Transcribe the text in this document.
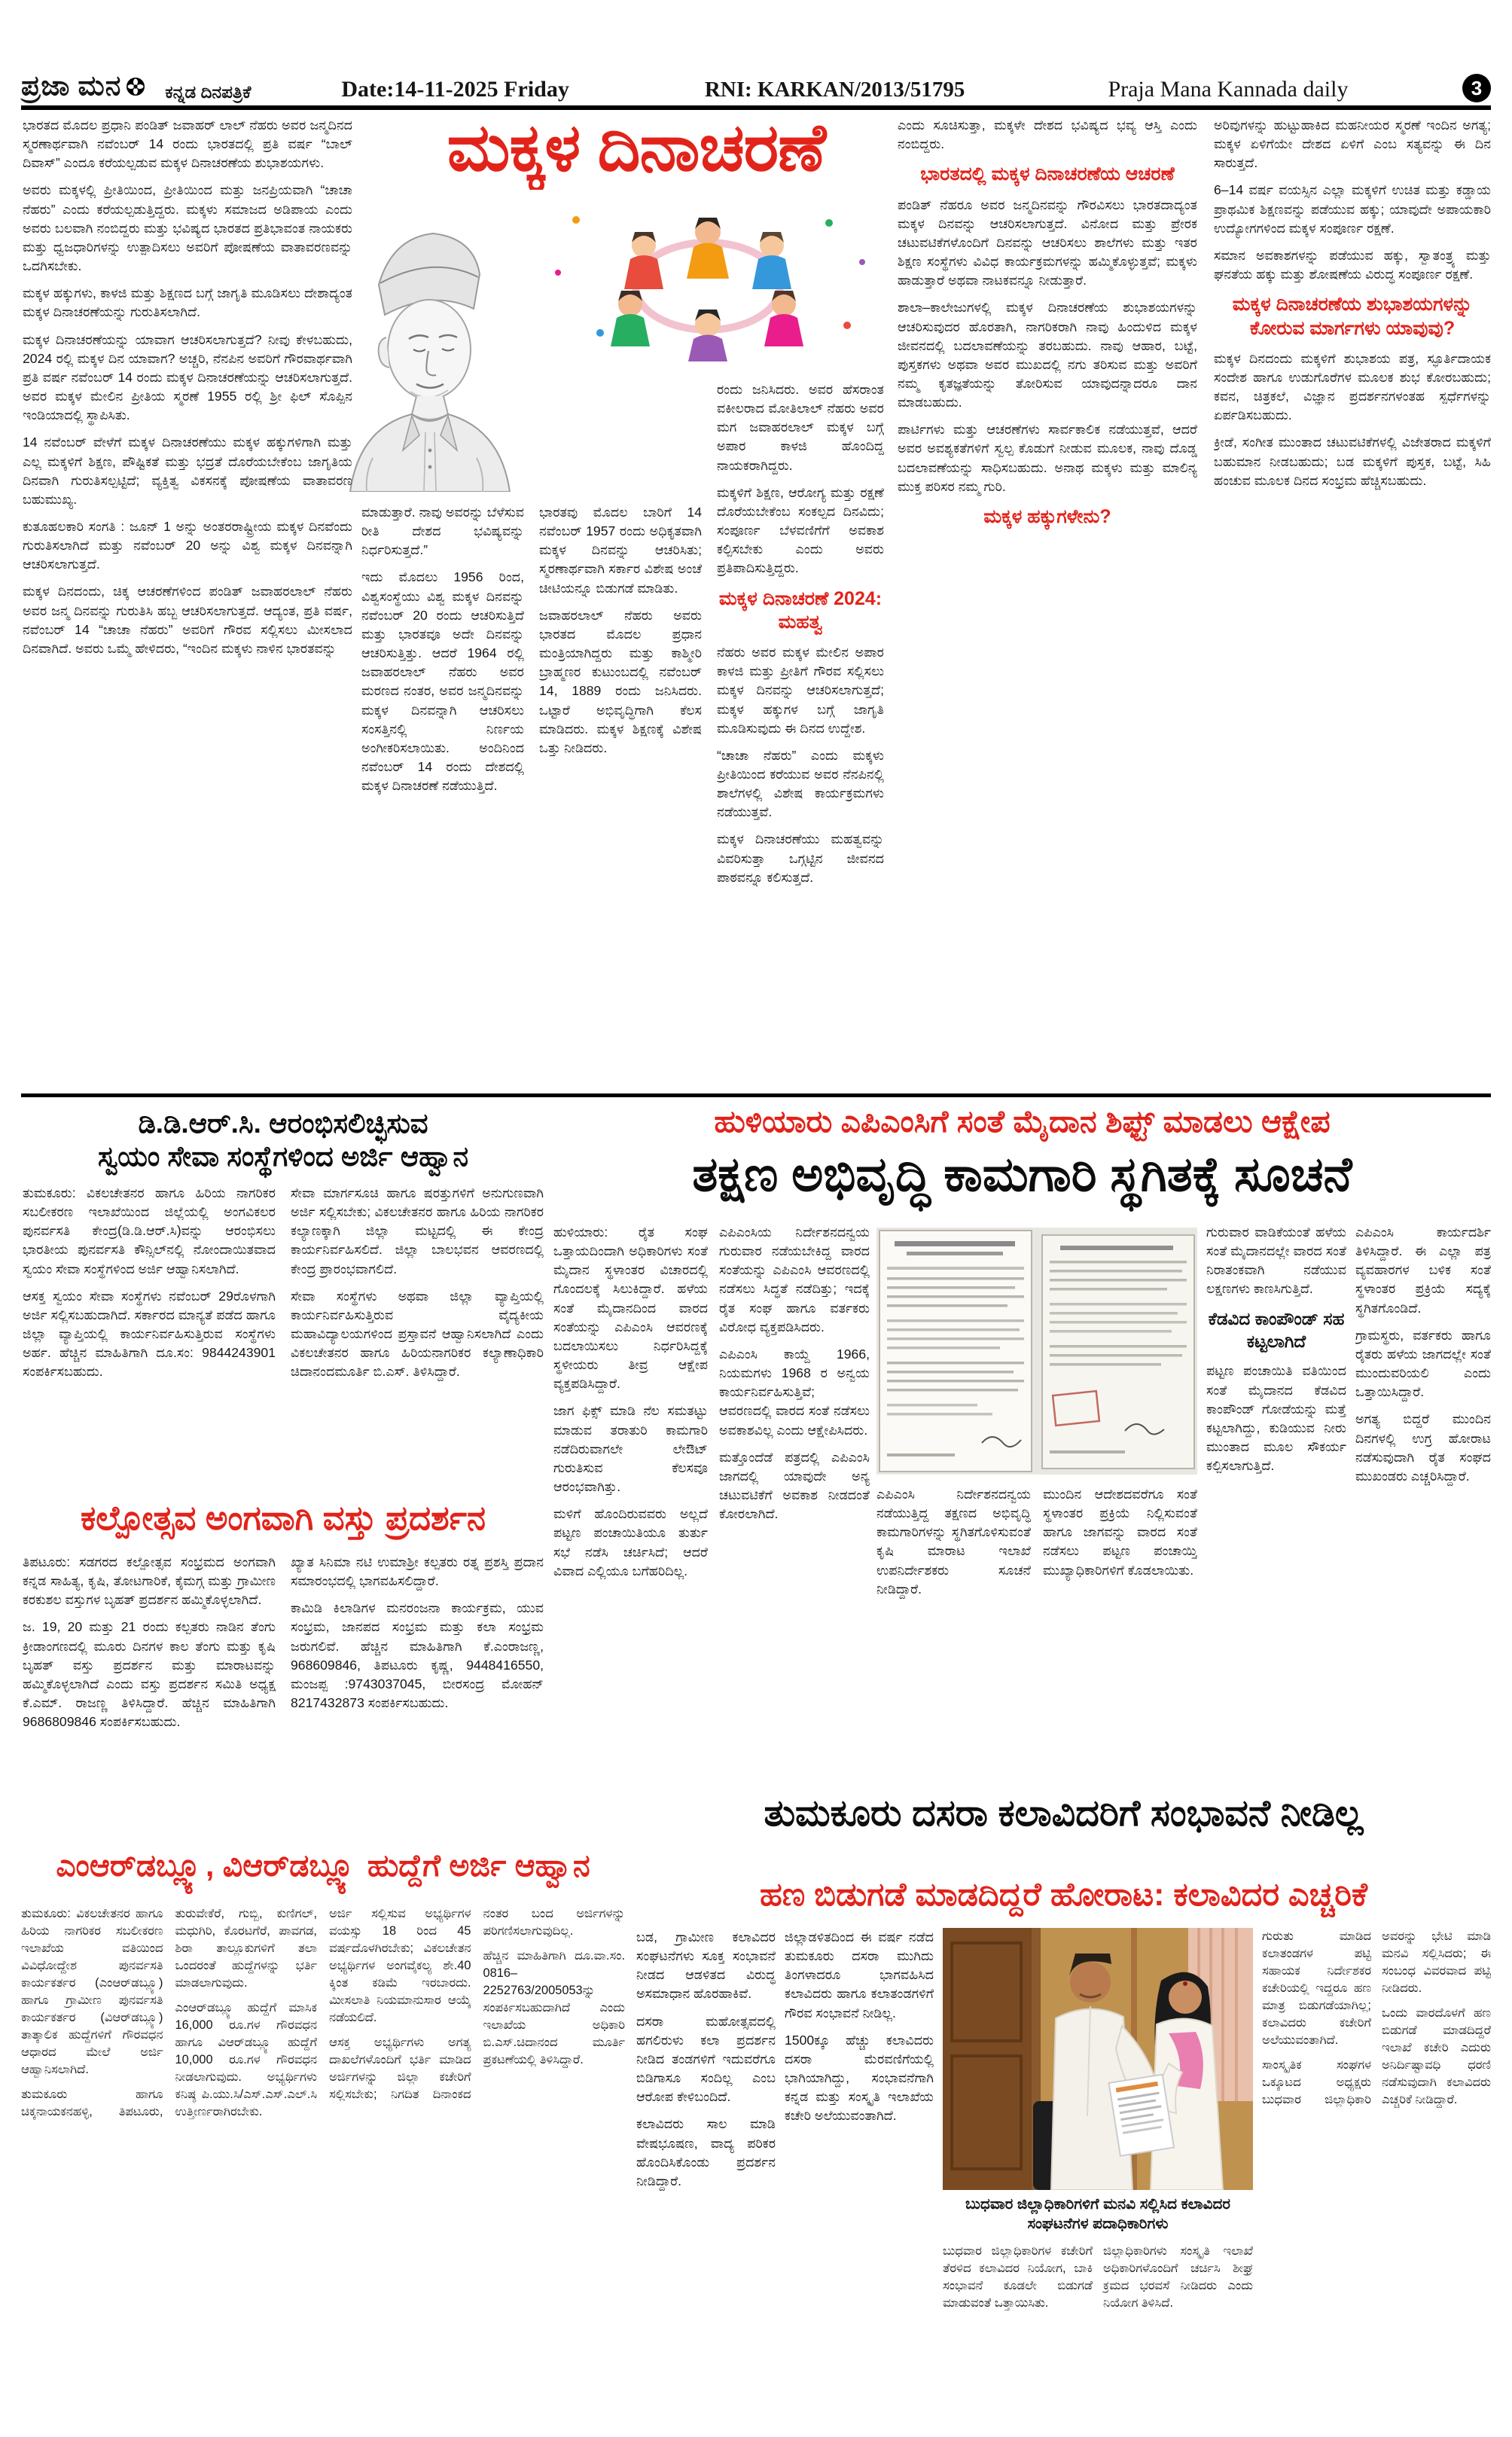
ಪ್ರಜಾ ಮನ	ಕನ್ನಡ ದಿನಪತ್ರಿಕೆ	Date:14-11-2025 Friday	RNI: KARKAN/2013/51795	Praja Mana Kannada daily	3
ಮಕ್ಕಳ ದಿನಾಚರಣೆ

ಭಾರತದ ಮೊದಲ ಪ್ರಧಾನಿ ಪಂಡಿತ್ ಜವಾಹರ್ ಲಾಲ್ ನೆಹರು ಅವರ ಜನ್ಮದಿನದ ಸ್ಮರಣಾರ್ಥವಾಗಿ ನವೆಂಬರ್ 14 ರಂದು ಭಾರತದಲ್ಲಿ ಪ್ರತಿ ವರ್ಷ “ಬಾಲ್ ದಿವಾಸ್” ಎಂದೂ ಕರೆಯಲ್ಪಡುವ ಮಕ್ಕಳ ದಿನಾಚರಣೆಯ ಶುಭಾಶಯಗಳು.

ಅವರು ಮಕ್ಕಳಲ್ಲಿ ಪ್ರೀತಿಯಿಂದ, ಪ್ರೀತಿಯಿಂದ ಮತ್ತು ಜನಪ್ರಿಯವಾಗಿ “ಚಾಚಾ ನೆಹರು” ಎಂದು ಕರೆಯಲ್ಪಡುತ್ತಿದ್ದರು. ಮಕ್ಕಳು ಸಮಾಜದ ಅಡಿಪಾಯ ಎಂದು ಅವರು ಬಲವಾಗಿ ನಂಬಿದ್ದರು ಮತ್ತು ಭವಿಷ್ಯದ ಭಾರತದ ಪ್ರತಿಭಾವಂತ ನಾಯಕರು ಮತ್ತು ಧ್ವಜಧಾರಿಗಳನ್ನು ಉತ್ಪಾದಿಸಲು ಅವರಿಗೆ ಪೋಷಣೆಯ ವಾತಾವರಣವನ್ನು ಒದಗಿಸಬೇಕು.

ಮಕ್ಕಳ ಹಕ್ಕುಗಳು, ಕಾಳಜಿ ಮತ್ತು ಶಿಕ್ಷಣದ ಬಗ್ಗೆ ಜಾಗೃತಿ ಮೂಡಿಸಲು ದೇಶಾದ್ಯಂತ ಮಕ್ಕಳ ದಿನಾಚರಣೆಯನ್ನು ಗುರುತಿಸಲಾಗಿದೆ.

ಮಕ್ಕಳ ದಿನಾಚರಣೆಯನ್ನು ಯಾವಾಗ ಆಚರಿಸಲಾಗುತ್ತದೆ? ನೀವು ಕೇಳಬಹುದು, 2024 ರಲ್ಲಿ ಮಕ್ಕಳ ದಿನ ಯಾವಾಗ? ಅಚ್ಚರಿ, ನೆನಪಿನ ಅವರಿಗೆ ಗೌರವಾರ್ಥವಾಗಿ ಪ್ರತಿ ವರ್ಷ ನವೆಂಬರ್ 14 ರಂದು ಮಕ್ಕಳ ದಿನಾಚರಣೆಯನ್ನು ಆಚರಿಸಲಾಗುತ್ತದೆ. ಅವರ ಮಕ್ಕಳ ಮೇಲಿನ ಪ್ರೀತಿಯ ಸ್ಮರಣೆ 1955 ರಲ್ಲಿ ಶ್ರೀ ಫಿಲ್ ಸೊಪ್ಪಿನ ಇಂಡಿಯಾದಲ್ಲಿ ಸ್ಥಾಪಿಸಿತು.

14 ನವೆಂಬರ್ ವೇಳೆಗೆ ಮಕ್ಕಳ ದಿನಾಚರಣೆಯು ಮಕ್ಕಳ ಹಕ್ಕುಗಳಿಗಾಗಿ ಮತ್ತು ಎಲ್ಲ ಮಕ್ಕಳಿಗೆ ಶಿಕ್ಷಣ, ಪೌಷ್ಟಿಕತೆ ಮತ್ತು ಭದ್ರತೆ ದೊರೆಯಬೇಕೆಂಬ ಜಾಗೃತಿಯ ದಿನವಾಗಿ ಗುರುತಿಸಲ್ಪಟ್ಟಿದೆ; ವ್ಯಕ್ತಿತ್ವ ವಿಕಸನಕ್ಕೆ ಪೋಷಣೆಯ ವಾತಾವರಣ ಬಹುಮುಖ್ಯ.

ಕುತೂಹಲಕಾರಿ ಸಂಗತಿ : ಜೂನ್ 1 ಅನ್ನು ಅಂತರರಾಷ್ಟ್ರೀಯ ಮಕ್ಕಳ ದಿನವೆಂದು ಗುರುತಿಸಲಾಗಿದೆ ಮತ್ತು ನವೆಂಬರ್ 20 ಅನ್ನು ವಿಶ್ವ ಮಕ್ಕಳ ದಿನವನ್ನಾಗಿ ಆಚರಿಸಲಾಗುತ್ತದೆ.

ಮಕ್ಕಳ ದಿನದಂದು, ಚಿಕ್ಕ ಆಚರಣೆಗಳಿಂದ ಪಂಡಿತ್ ಜವಾಹರಲಾಲ್ ನೆಹರು ಅವರ ಜನ್ಮ ದಿನವನ್ನು ಗುರುತಿಸಿ ಹಬ್ಬ ಆಚರಿಸಲಾಗುತ್ತದೆ. ಆದ್ಯಂತ, ಪ್ರತಿ ವರ್ಷ, ನವೆಂಬರ್ 14 “ಚಾಚಾ ನೆಹರು” ಅವರಿಗೆ ಗೌರವ ಸಲ್ಲಿಸಲು ಮೀಸಲಾದ ದಿನವಾಗಿದೆ. ಅವರು ಒಮ್ಮೆ ಹೇಳಿದರು, “ಇಂದಿನ ಮಕ್ಕಳು ನಾಳಿನ ಭಾರತವನ್ನು

ಮಾಡುತ್ತಾರೆ. ನಾವು ಅವರನ್ನು ಬೆಳೆಸುವ ರೀತಿ ದೇಶದ ಭವಿಷ್ಯವನ್ನು ನಿರ್ಧರಿಸುತ್ತದೆ.”

ಇದು ಮೊದಲು 1956 ರಿಂದ, ವಿಶ್ವಸಂಸ್ಥೆಯು ವಿಶ್ವ ಮಕ್ಕಳ ದಿನವನ್ನು ನವೆಂಬರ್ 20 ರಂದು ಆಚರಿಸುತ್ತಿದೆ ಮತ್ತು ಭಾರತವೂ ಅದೇ ದಿನವನ್ನು ಆಚರಿಸುತ್ತಿತ್ತು. ಆದರೆ 1964 ರಲ್ಲಿ ಜವಾಹರಲಾಲ್ ನೆಹರು ಅವರ ಮರಣದ ನಂತರ, ಅವರ ಜನ್ಮದಿನವನ್ನು ಮಕ್ಕಳ ದಿನವನ್ನಾಗಿ ಆಚರಿಸಲು ಸಂಸತ್ತಿನಲ್ಲಿ ನಿರ್ಣಯ ಅಂಗೀಕರಿಸಲಾಯಿತು. ಅಂದಿನಿಂದ ನವೆಂಬರ್ 14 ರಂದು ದೇಶದಲ್ಲಿ ಮಕ್ಕಳ ದಿನಾಚರಣೆ ನಡೆಯುತ್ತಿದೆ.

ಭಾರತವು ಮೊದಲ ಬಾರಿಗೆ 14 ನವೆಂಬರ್ 1957 ರಂದು ಅಧಿಕೃತವಾಗಿ ಮಕ್ಕಳ ದಿನವನ್ನು ಆಚರಿಸಿತು; ಸ್ಮರಣಾರ್ಥವಾಗಿ ಸರ್ಕಾರ ವಿಶೇಷ ಅಂಚೆ ಚೀಟಿಯನ್ನೂ ಬಿಡುಗಡೆ ಮಾಡಿತು.

ಜವಾಹರಲಾಲ್ ನೆಹರು ಅವರು ಭಾರತದ ಮೊದಲ ಪ್ರಧಾನ ಮಂತ್ರಿಯಾಗಿದ್ದರು ಮತ್ತು ಕಾಶ್ಮೀರಿ ಬ್ರಾಹ್ಮಣರ ಕುಟುಂಬದಲ್ಲಿ ನವೆಂಬರ್ 14, 1889 ರಂದು ಜನಿಸಿದರು. ಒಟ್ಟಾರೆ ಅಭಿವೃದ್ಧಿಗಾಗಿ ಕೆಲಸ ಮಾಡಿದರು. ಮಕ್ಕಳ ಶಿಕ್ಷಣಕ್ಕೆ ವಿಶೇಷ ಒತ್ತು ನೀಡಿದರು.

ರಂದು ಜನಿಸಿದರು. ಅವರ ಹೆಸರಾಂತ ವಕೀಲರಾದ ಮೋತಿಲಾಲ್ ನೆಹರು ಅವರ ಮಗ ಜವಾಹರಲಾಲ್ ಮಕ್ಕಳ ಬಗ್ಗೆ ಅಪಾರ ಕಾಳಜಿ ಹೊಂದಿದ್ದ ನಾಯಕರಾಗಿದ್ದರು.

ಮಕ್ಕಳಿಗೆ ಶಿಕ್ಷಣ, ಆರೋಗ್ಯ ಮತ್ತು ರಕ್ಷಣೆ ದೊರೆಯಬೇಕೆಂಬ ಸಂಕಲ್ಪದ ದಿನವಿದು; ಸಂಪೂರ್ಣ ಬೆಳವಣಿಗೆಗೆ ಅವಕಾಶ ಕಲ್ಪಿಸಬೇಕು ಎಂದು ಅವರು ಪ್ರತಿಪಾದಿಸುತ್ತಿದ್ದರು.

ಮಕ್ಕಳ ದಿನಾಚರಣೆ 2024: ಮಹತ್ವ

ನೆಹರು ಅವರ ಮಕ್ಕಳ ಮೇಲಿನ ಅಪಾರ ಕಾಳಜಿ ಮತ್ತು ಪ್ರೀತಿಗೆ ಗೌರವ ಸಲ್ಲಿಸಲು ಮಕ್ಕಳ ದಿನವನ್ನು ಆಚರಿಸಲಾಗುತ್ತದೆ; ಮಕ್ಕಳ ಹಕ್ಕುಗಳ ಬಗ್ಗೆ ಜಾಗೃತಿ ಮೂಡಿಸುವುದು ಈ ದಿನದ ಉದ್ದೇಶ.

“ಚಾಚಾ ನೆಹರು” ಎಂದು ಮಕ್ಕಳು ಪ್ರೀತಿಯಿಂದ ಕರೆಯುವ ಅವರ ನೆನಪಿನಲ್ಲಿ ಶಾಲೆಗಳಲ್ಲಿ ವಿಶೇಷ ಕಾರ್ಯಕ್ರಮಗಳು ನಡೆಯುತ್ತವೆ.

ಮಕ್ಕಳ ದಿನಾಚರಣೆಯು ಮಹತ್ವವನ್ನು ವಿವರಿಸುತ್ತಾ ಒಗ್ಗಟ್ಟಿನ ಜೀವನದ ಪಾಠವನ್ನೂ ಕಲಿಸುತ್ತದೆ.

ಎಂದು ಸೂಚಿಸುತ್ತಾ, ಮಕ್ಕಳೇ ದೇಶದ ಭವಿಷ್ಯದ ಭವ್ಯ ಆಸ್ತಿ ಎಂದು ನಂಬಿದ್ದರು.

ಭಾರತದಲ್ಲಿ ಮಕ್ಕಳ ದಿನಾಚರಣೆಯ ಆಚರಣೆ

ಪಂಡಿತ್ ನೆಹರೂ ಅವರ ಜನ್ಮದಿನವನ್ನು ಗೌರವಿಸಲು ಭಾರತದಾದ್ಯಂತ ಮಕ್ಕಳ ದಿನವನ್ನು ಆಚರಿಸಲಾಗುತ್ತದೆ. ವಿನೋದ ಮತ್ತು ಪ್ರೇರಕ ಚಟುವಟಿಕೆಗಳೊಂದಿಗೆ ದಿನವನ್ನು ಆಚರಿಸಲು ಶಾಲೆಗಳು ಮತ್ತು ಇತರ ಶಿಕ್ಷಣ ಸಂಸ್ಥೆಗಳು ವಿವಿಧ ಕಾರ್ಯಕ್ರಮಗಳನ್ನು ಹಮ್ಮಿಕೊಳ್ಳುತ್ತವೆ; ಮಕ್ಕಳು ಹಾಡುತ್ತಾರೆ ಅಥವಾ ನಾಟಕವನ್ನೂ ನೀಡುತ್ತಾರೆ.

ಶಾಲಾ–ಕಾಲೇಜುಗಳಲ್ಲಿ ಮಕ್ಕಳ ದಿನಾಚರಣೆಯ ಶುಭಾಶಯಗಳನ್ನು ಆಚರಿಸುವುದರ ಹೊರತಾಗಿ, ನಾಗರಿಕರಾಗಿ ನಾವು ಹಿಂದುಳಿದ ಮಕ್ಕಳ ಜೀವನದಲ್ಲಿ ಬದಲಾವಣೆಯನ್ನು ತರಬಹುದು. ನಾವು ಆಹಾರ, ಬಟ್ಟೆ, ಪುಸ್ತಕಗಳು ಅಥವಾ ಅವರ ಮುಖದಲ್ಲಿ ನಗು ತರಿಸುವ ಮತ್ತು ಅವರಿಗೆ ನಮ್ಮ ಕೃತಜ್ಞತೆಯನ್ನು ತೋರಿಸುವ ಯಾವುದನ್ನಾದರೂ ದಾನ ಮಾಡಬಹುದು.

ಪಾರ್ಟಿಗಳು ಮತ್ತು ಆಚರಣೆಗಳು ಸಾರ್ವಕಾಲಿಕ ನಡೆಯುತ್ತವೆ, ಆದರೆ ಅವರ ಅವಶ್ಯಕತೆಗಳಿಗೆ ಸ್ವಲ್ಪ ಕೊಡುಗೆ ನೀಡುವ ಮೂಲಕ, ನಾವು ದೊಡ್ಡ ಬದಲಾವಣೆಯನ್ನು ಸಾಧಿಸಬಹುದು. ಅನಾಥ ಮಕ್ಕಳು ಮತ್ತು ಮಾಲಿನ್ಯ ಮುಕ್ತ ಪರಿಸರ ನಮ್ಮ ಗುರಿ.

ಮಕ್ಕಳ ಹಕ್ಕುಗಳೇನು?

ಅರಿವುಗಳನ್ನು ಹುಟ್ಟುಹಾಕಿದ ಮಹನೀಯರ ಸ್ಮರಣೆ ಇಂದಿನ ಅಗತ್ಯ; ಮಕ್ಕಳ ಏಳಿಗೆಯೇ ದೇಶದ ಏಳಿಗೆ ಎಂಬ ಸತ್ಯವನ್ನು ಈ ದಿನ ಸಾರುತ್ತದೆ.

6–14 ವರ್ಷ ವಯಸ್ಸಿನ ಎಲ್ಲಾ ಮಕ್ಕಳಿಗೆ ಉಚಿತ ಮತ್ತು ಕಡ್ಡಾಯ ಪ್ರಾಥಮಿಕ ಶಿಕ್ಷಣವನ್ನು ಪಡೆಯುವ ಹಕ್ಕು; ಯಾವುದೇ ಅಪಾಯಕಾರಿ ಉದ್ಯೋಗಗಳಿಂದ ಮಕ್ಕಳ ಸಂಪೂರ್ಣ ರಕ್ಷಣೆ.

ಸಮಾನ ಅವಕಾಶಗಳನ್ನು ಪಡೆಯುವ ಹಕ್ಕು, ಸ್ವಾತಂತ್ರ್ಯ ಮತ್ತು ಘನತೆಯ ಹಕ್ಕು ಮತ್ತು ಶೋಷಣೆಯ ವಿರುದ್ಧ ಸಂಪೂರ್ಣ ರಕ್ಷಣೆ.

ಮಕ್ಕಳ ದಿನಾಚರಣೆಯ ಶುಭಾಶಯಗಳನ್ನು ಕೋರುವ ಮಾರ್ಗಗಳು ಯಾವುವು?

ಮಕ್ಕಳ ದಿನದಂದು ಮಕ್ಕಳಿಗೆ ಶುಭಾಶಯ ಪತ್ರ, ಸ್ಫೂರ್ತಿದಾಯಕ ಸಂದೇಶ ಹಾಗೂ ಉಡುಗೊರೆಗಳ ಮೂಲಕ ಶುಭ ಕೋರಬಹುದು; ಕವನ, ಚಿತ್ರಕಲೆ, ವಿಜ್ಞಾನ ಪ್ರದರ್ಶನಗಳಂತಹ ಸ್ಪರ್ಧೆಗಳನ್ನು ಏರ್ಪಡಿಸಬಹುದು.

ಕ್ರೀಡೆ, ಸಂಗೀತ ಮುಂತಾದ ಚಟುವಟಿಕೆಗಳಲ್ಲಿ ವಿಜೇತರಾದ ಮಕ್ಕಳಿಗೆ ಬಹುಮಾನ ನೀಡಬಹುದು; ಬಡ ಮಕ್ಕಳಿಗೆ ಪುಸ್ತಕ, ಬಟ್ಟೆ, ಸಿಹಿ ಹಂಚುವ ಮೂಲಕ ದಿನದ ಸಂಭ್ರಮ ಹೆಚ್ಚಿಸಬಹುದು.

ಡಿ.ಡಿ.ಆರ್.ಸಿ. ಆರಂಭಿಸಲಿಚ್ಛಿಸುವ
ಸ್ವಯಂ ಸೇವಾ ಸಂಸ್ಥೆಗಳಿಂದ ಅರ್ಜಿ ಆಹ್ವಾನ

ತುಮಕೂರು: ವಿಕಲಚೇತನರ ಹಾಗೂ ಹಿರಿಯ ನಾಗರಿಕರ ಸಬಲೀಕರಣ ಇಲಾಖೆಯಿಂದ ಜಿಲ್ಲೆಯಲ್ಲಿ ಅಂಗವಿಕಲರ ಪುನರ್ವಸತಿ ಕೇಂದ್ರ(ಡಿ.ಡಿ.ಆರ್.ಸಿ)ವನ್ನು ಆರಂಭಿಸಲು ಭಾರತೀಯ ಪುನರ್ವಸತಿ ಕೌನ್ಸಿಲ್‌ನಲ್ಲಿ ನೋಂದಾಯಿತವಾದ ಸ್ವಯಂ ಸೇವಾ ಸಂಸ್ಥೆಗಳಿಂದ ಅರ್ಜಿ ಆಹ್ವಾನಿಸಲಾಗಿದೆ.

ಆಸಕ್ತ ಸ್ವಯಂ ಸೇವಾ ಸಂಸ್ಥೆಗಳು ನವೆಂಬರ್ 29ರೊಳಗಾಗಿ ಅರ್ಜಿ ಸಲ್ಲಿಸಬಹುದಾಗಿದೆ. ಸರ್ಕಾರದ ಮಾನ್ಯತೆ ಪಡೆದ ಹಾಗೂ ಜಿಲ್ಲಾ ವ್ಯಾಪ್ತಿಯಲ್ಲಿ ಕಾರ್ಯನಿರ್ವಹಿಸುತ್ತಿರುವ ಸಂಸ್ಥೆಗಳು ಅರ್ಹ. ಹೆಚ್ಚಿನ ಮಾಹಿತಿಗಾಗಿ ದೂ.ಸಂ: 9844243901 ಸಂಪರ್ಕಿಸಬಹುದು.

ಸೇವಾ ಮಾರ್ಗಸೂಚಿ ಹಾಗೂ ಷರತ್ತುಗಳಿಗೆ ಅನುಗುಣವಾಗಿ ಅರ್ಜಿ ಸಲ್ಲಿಸಬೇಕು; ವಿಕಲಚೇತನರ ಹಾಗೂ ಹಿರಿಯ ನಾಗರಿಕರ ಕಲ್ಯಾಣಕ್ಕಾಗಿ ಜಿಲ್ಲಾ ಮಟ್ಟದಲ್ಲಿ ಈ ಕೇಂದ್ರ ಕಾರ್ಯನಿರ್ವಹಿಸಲಿದೆ. ಜಿಲ್ಲಾ ಬಾಲಭವನ ಆವರಣದಲ್ಲಿ ಕೇಂದ್ರ ಪ್ರಾರಂಭವಾಗಲಿದೆ.

ಸೇವಾ ಸಂಸ್ಥೆಗಳು ಅಥವಾ ಜಿಲ್ಲಾ ವ್ಯಾಪ್ತಿಯಲ್ಲಿ ಕಾರ್ಯನಿರ್ವಹಿಸುತ್ತಿರುವ ವೈದ್ಯಕೀಯ ಮಹಾವಿದ್ಯಾಲಯಗಳಿಂದ ಪ್ರಸ್ತಾವನೆ ಆಹ್ವಾನಿಸಲಾಗಿದೆ ಎಂದು ವಿಕಲಚೇತನರ ಹಾಗೂ ಹಿರಿಯನಾಗರಿಕರ ಕಲ್ಯಾಣಾಧಿಕಾರಿ ಚಿದಾನಂದಮೂರ್ತಿ ಬಿ.ಎಸ್. ತಿಳಿಸಿದ್ದಾರೆ.

ಕಲ್ಪೋತ್ಸವ ಅಂಗವಾಗಿ ವಸ್ತು ಪ್ರದರ್ಶನ

ತಿಪಟೂರು: ಸಡಗರದ ಕಲ್ಪೋತ್ಸವ ಸಂಭ್ರಮದ ಅಂಗವಾಗಿ ಕನ್ನಡ ಸಾಹಿತ್ಯ, ಕೃಷಿ, ತೋಟಗಾರಿಕೆ, ಕೈಮಗ್ಗ ಮತ್ತು ಗ್ರಾಮೀಣ ಕರಕುಶಲ ವಸ್ತುಗಳ ಬೃಹತ್ ಪ್ರದರ್ಶನ ಹಮ್ಮಿಕೊಳ್ಳಲಾಗಿದೆ.

ಜ. 19, 20 ಮತ್ತು 21 ರಂದು ಕಲ್ಪತರು ನಾಡಿನ ತೆಂಗು ಕ್ರೀಡಾಂಗಣದಲ್ಲಿ ಮೂರು ದಿನಗಳ ಕಾಲ ತೆಂಗು ಮತ್ತು ಕೃಷಿ ಬೃಹತ್ ವಸ್ತು ಪ್ರದರ್ಶನ ಮತ್ತು ಮಾರಾಟವನ್ನು ಹಮ್ಮಿಕೊಳ್ಳಲಾಗಿದೆ ಎಂದು ವಸ್ತು ಪ್ರದರ್ಶನ ಸಮಿತಿ ಅಧ್ಯಕ್ಷ ಕೆ.ಎಮ್. ರಾಜಣ್ಣ ತಿಳಿಸಿದ್ದಾರೆ. ಹೆಚ್ಚಿನ ಮಾಹಿತಿಗಾಗಿ 9686809846 ಸಂಪರ್ಕಿಸಬಹುದು.

ಖ್ಯಾತ ಸಿನಿಮಾ ನಟಿ ಉಮಾಶ್ರೀ ಕಲ್ಪತರು ರತ್ನ ಪ್ರಶಸ್ತಿ ಪ್ರದಾನ ಸಮಾರಂಭದಲ್ಲಿ ಭಾಗವಹಿಸಲಿದ್ದಾರೆ.

ಕಾಮಿಡಿ ಕಿಲಾಡಿಗಳ ಮನರಂಜನಾ ಕಾರ್ಯಕ್ರಮ, ಯುವ ಸಂಭ್ರಮ, ಜಾನಪದ ಸಂಭ್ರಮ ಮತ್ತು ಕಲಾ ಸಂಭ್ರಮ ಜರುಗಲಿವೆ. ಹೆಚ್ಚಿನ ಮಾಹಿತಿಗಾಗಿ ಕೆ.ಎಂರಾಜಣ್ಣ, 968609846, ತಿಪಟೂರು ಕೃಷ್ಣ, 9448416550, ಮಂಜಪ್ಪ :9743037045, ಬೀರಸಂದ್ರ ಮೋಹನ್ 8217432873 ಸಂಪರ್ಕಿಸಬಹುದು.

ಹುಳಿಯಾರು ಎಪಿಎಂಸಿಗೆ ಸಂತೆ ಮೈದಾನ ಶಿಫ್ಟ್ ಮಾಡಲು ಆಕ್ಷೇಪ
ತಕ್ಷಣ ಅಭಿವೃದ್ಧಿ ಕಾಮಗಾರಿ ಸ್ಥಗಿತಕ್ಕೆ ಸೂಚನೆ

ಹುಳಿಯಾರು: ರೈತ ಸಂಘ ಒತ್ತಾಯದಿಂದಾಗಿ ಅಧಿಕಾರಿಗಳು ಸಂತೆ ಮೈದಾನ ಸ್ಥಳಾಂತರ ವಿಚಾರದಲ್ಲಿ ಗೊಂದಲಕ್ಕೆ ಸಿಲುಕಿದ್ದಾರೆ. ಹಳೆಯ ಸಂತೆ ಮೈದಾನದಿಂದ ವಾರದ ಸಂತೆಯನ್ನು ಎಪಿಎಂಸಿ ಆವರಣಕ್ಕೆ ಬದಲಾಯಿಸಲು ನಿರ್ಧರಿಸಿದ್ದಕ್ಕೆ ಸ್ಥಳೀಯರು ತೀವ್ರ ಆಕ್ಷೇಪ ವ್ಯಕ್ತಪಡಿಸಿದ್ದಾರೆ.

ಜಾಗ ಫಿಕ್ಸ್ ಮಾಡಿ ನೆಲ ಸಮತಟ್ಟು ಮಾಡುವ ತರಾತುರಿ ಕಾಮಗಾರಿ ನಡೆದಿರುವಾಗಲೇ ಲೇಔಟ್ ಗುರುತಿಸುವ ಕೆಲಸವೂ ಆರಂಭವಾಗಿತ್ತು.

ಮಳಿಗೆ ಹೊಂದಿರುವವರು ಅಲ್ಲದೆ ಪಟ್ಟಣ ಪಂಚಾಯಿತಿಯೂ ತುರ್ತು ಸಭೆ ನಡೆಸಿ ಚರ್ಚಿಸಿದೆ; ಆದರೆ ವಿವಾದ ಎಲ್ಲಿಯೂ ಬಗೆಹರಿದಿಲ್ಲ.

ಎಪಿಎಂಸಿಯ ನಿರ್ದೇಶನದನ್ವಯ ಗುರುವಾರ ನಡೆಯಬೇಕಿದ್ದ ವಾರದ ಸಂತೆಯನ್ನು ಎಪಿಎಂಸಿ ಆವರಣದಲ್ಲಿ ನಡೆಸಲು ಸಿದ್ಧತೆ ನಡೆದಿತ್ತು; ಇದಕ್ಕೆ ರೈತ ಸಂಘ ಹಾಗೂ ವರ್ತಕರು ವಿರೋಧ ವ್ಯಕ್ತಪಡಿಸಿದರು.

ಎಪಿಎಂಸಿ ಕಾಯ್ದೆ 1966, ನಿಯಮಗಳು 1968 ರ ಅನ್ವಯ ಕಾರ್ಯನಿರ್ವಹಿಸುತ್ತಿವೆ; ಆವರಣದಲ್ಲಿ ವಾರದ ಸಂತೆ ನಡೆಸಲು ಅವಕಾಶವಿಲ್ಲ ಎಂದು ಆಕ್ಷೇಪಿಸಿದರು.

ಮತ್ತೊಂದೆಡೆ ಪತ್ರದಲ್ಲಿ ಎಪಿಎಂಸಿ ಜಾಗದಲ್ಲಿ ಯಾವುದೇ ಅನ್ಯ ಚಟುವಟಿಕೆಗೆ ಅವಕಾಶ ನೀಡದಂತೆ ಕೋರಲಾಗಿದೆ.

ಎಪಿಎಂಸಿ ನಿರ್ದೇಶನದನ್ವಯ ನಡೆಯುತ್ತಿದ್ದ ತಕ್ಷಣದ ಅಭಿವೃದ್ಧಿ ಕಾಮಗಾರಿಗಳನ್ನು ಸ್ಥಗಿತಗೊಳಿಸುವಂತೆ ಕೃಷಿ ಮಾರಾಟ ಇಲಾಖೆ ಉಪನಿರ್ದೇಶಕರು ಸೂಚನೆ ನೀಡಿದ್ದಾರೆ.

ಮುಂದಿನ ಆದೇಶದವರೆಗೂ ಸಂತೆ ಸ್ಥಳಾಂತರ ಪ್ರಕ್ರಿಯೆ ನಿಲ್ಲಿಸುವಂತೆ ಹಾಗೂ ಜಾಗವನ್ನು ವಾರದ ಸಂತೆ ನಡೆಸಲು ಪಟ್ಟಣ ಪಂಚಾಯ್ತಿ ಮುಖ್ಯಾಧಿಕಾರಿಗಳಿಗೆ ಕೊಡಲಾಯಿತು.

ಗುರುವಾರ ವಾಡಿಕೆಯಂತೆ ಹಳೆಯ ಸಂತೆ ಮೈದಾನದಲ್ಲೇ ವಾರದ ಸಂತೆ ನಿರಾತಂಕವಾಗಿ ನಡೆಯುವ ಲಕ್ಷಣಗಳು ಕಾಣಸಿಗುತ್ತಿದೆ.

ಕೆಡವಿದ ಕಾಂಪೌಂಡ್ ಸಹ ಕಟ್ಟಲಾಗಿದೆ

ಪಟ್ಟಣ ಪಂಚಾಯಿತಿ ವತಿಯಿಂದ ಸಂತೆ ಮೈದಾನದ ಕೆಡವಿದ ಕಾಂಪೌಂಡ್ ಗೋಡೆಯನ್ನು ಮತ್ತೆ ಕಟ್ಟಲಾಗಿದ್ದು, ಕುಡಿಯುವ ನೀರು ಮುಂತಾದ ಮೂಲ ಸೌಕರ್ಯ ಕಲ್ಪಿಸಲಾಗುತ್ತಿದೆ.

ಎಪಿಎಂಸಿ ಕಾರ್ಯದರ್ಶಿ ತಿಳಿಸಿದ್ದಾರೆ. ಈ ಎಲ್ಲಾ ಪತ್ರ ವ್ಯವಹಾರಗಳ ಬಳಿಕ ಸಂತೆ ಸ್ಥಳಾಂತರ ಪ್ರಕ್ರಿಯೆ ಸದ್ಯಕ್ಕೆ ಸ್ಥಗಿತಗೊಂಡಿದೆ.

ಗ್ರಾಮಸ್ಥರು, ವರ್ತಕರು ಹಾಗೂ ರೈತರು ಹಳೆಯ ಜಾಗದಲ್ಲೇ ಸಂತೆ ಮುಂದುವರಿಯಲಿ ಎಂದು ಒತ್ತಾಯಿಸಿದ್ದಾರೆ.

ಅಗತ್ಯ ಬಿದ್ದರೆ ಮುಂದಿನ ದಿನಗಳಲ್ಲಿ ಉಗ್ರ ಹೋರಾಟ ನಡೆಸುವುದಾಗಿ ರೈತ ಸಂಘದ ಮುಖಂಡರು ಎಚ್ಚರಿಸಿದ್ದಾರೆ.

ಎಂಆರ್‌ಡಬ್ಲ್ಯೂ, ವಿಆರ್‌ಡಬ್ಲ್ಯೂ ಹುದ್ದೆಗೆ ಅರ್ಜಿ ಆಹ್ವಾನ

ತುಮಕೂರು: ವಿಕಲಚೇತನರ ಹಾಗೂ ಹಿರಿಯ ನಾಗರಿಕರ ಸಬಲೀಕರಣ ಇಲಾಖೆಯ ವತಿಯಿಂದ ವಿವಿಧೋದ್ದೇಶ ಪುನರ್ವಸತಿ ಕಾರ್ಯಕರ್ತರ (ಎಂಆರ್‌ಡಬ್ಲ್ಯೂ) ಹಾಗೂ ಗ್ರಾಮೀಣ ಪುನರ್ವಸತಿ ಕಾರ್ಯಕರ್ತರ (ವಿಆರ್‌ಡಬ್ಲ್ಯೂ) ತಾತ್ಕಾಲಿಕ ಹುದ್ದೆಗಳಿಗೆ ಗೌರವಧನ ಆಧಾರದ ಮೇಲೆ ಅರ್ಜಿ ಆಹ್ವಾನಿಸಲಾಗಿದೆ.

ತುಮಕೂರು ಹಾಗೂ ಚಿಕ್ಕನಾಯಕನಹಳ್ಳಿ, ತಿಪಟೂರು, ತುರುವೇಕೆರೆ, ಗುಬ್ಬಿ, ಕುಣಿಗಲ್, ಮಧುಗಿರಿ, ಕೊರಟಗೆರೆ, ಪಾವಗಡ, ಶಿರಾ ತಾಲ್ಲೂಕುಗಳಿಗೆ ತಲಾ ಒಂದರಂತೆ ಹುದ್ದೆಗಳನ್ನು ಭರ್ತಿ ಮಾಡಲಾಗುವುದು.

ಎಂಆರ್‌ಡಬ್ಲ್ಯೂ ಹುದ್ದೆಗೆ ಮಾಸಿಕ 16,000 ರೂ.ಗಳ ಗೌರವಧನ ಹಾಗೂ ವಿಆರ್‌ಡಬ್ಲ್ಯೂ ಹುದ್ದೆಗೆ 10,000 ರೂ.ಗಳ ಗೌರವಧನ ನೀಡಲಾಗುವುದು. ಅಭ್ಯರ್ಥಿಗಳು ಕನಿಷ್ಠ ಪಿ.ಯು.ಸಿ/ಎಸ್.ಎಸ್.ಎಲ್.ಸಿ ಉತ್ತೀರ್ಣರಾಗಿರಬೇಕು.

ಅರ್ಜಿ ಸಲ್ಲಿಸುವ ಅಭ್ಯರ್ಥಿಗಳ ವಯಸ್ಸು 18 ರಿಂದ 45 ವರ್ಷದೊಳಗಿರಬೇಕು; ವಿಕಲಚೇತನ ಅಭ್ಯರ್ಥಿಗಳ ಅಂಗವೈಕಲ್ಯ ಶೇ.40 ಕ್ಕಿಂತ ಕಡಿಮೆ ಇರಬಾರದು. ಮೀಸಲಾತಿ ನಿಯಮಾನುಸಾರ ಆಯ್ಕೆ ನಡೆಯಲಿದೆ.

ಆಸಕ್ತ ಅಭ್ಯರ್ಥಿಗಳು ಅಗತ್ಯ ದಾಖಲೆಗಳೊಂದಿಗೆ ಭರ್ತಿ ಮಾಡಿದ ಅರ್ಜಿಗಳನ್ನು ಜಿಲ್ಲಾ ಕಚೇರಿಗೆ ಸಲ್ಲಿಸಬೇಕು; ನಿಗದಿತ ದಿನಾಂಕದ ನಂತರ ಬಂದ ಅರ್ಜಿಗಳನ್ನು ಪರಿಗಣಿಸಲಾಗುವುದಿಲ್ಲ.

ಹೆಚ್ಚಿನ ಮಾಹಿತಿಗಾಗಿ ದೂ.ವಾ.ಸಂ. 0816–2252763/2005053ನ್ನು ಸಂಪರ್ಕಿಸಬಹುದಾಗಿದೆ ಎಂದು ಇಲಾಖೆಯ ಅಧಿಕಾರಿ ಬಿ.ಎಸ್.ಚಿದಾನಂದ ಮೂರ್ತಿ ಪ್ರಕಟಣೆಯಲ್ಲಿ ತಿಳಿಸಿದ್ದಾರೆ.

ತುಮಕೂರು ದಸರಾ ಕಲಾವಿದರಿಗೆ ಸಂಭಾವನೆ ನೀಡಿಲ್ಲ
ಹಣ ಬಿಡುಗಡೆ ಮಾಡದಿದ್ದರೆ ಹೋರಾಟ: ಕಲಾವಿದರ ಎಚ್ಚರಿಕೆ

ಬಡ, ಗ್ರಾಮೀಣ ಕಲಾವಿದರ ಸಂಘಟನೆಗಳು ಸೂಕ್ತ ಸಂಭಾವನೆ ನೀಡದ ಆಡಳಿತದ ವಿರುದ್ಧ ಅಸಮಾಧಾನ ಹೊರಹಾಕಿವೆ.

ದಸರಾ ಮಹೋತ್ಸವದಲ್ಲಿ ಹಗಲಿರುಳು ಕಲಾ ಪ್ರದರ್ಶನ ನೀಡಿದ ತಂಡಗಳಿಗೆ ಇದುವರೆಗೂ ಬಿಡಿಗಾಸೂ ಸಂದಿಲ್ಲ ಎಂಬ ಆರೋಪ ಕೇಳಿಬಂದಿದೆ.

ಕಲಾವಿದರು ಸಾಲ ಮಾಡಿ ವೇಷಭೂಷಣ, ವಾದ್ಯ ಪರಿಕರ ಹೊಂದಿಸಿಕೊಂಡು ಪ್ರದರ್ಶನ ನೀಡಿದ್ದಾರೆ.

ಜಿಲ್ಲಾಡಳಿತದಿಂದ ಈ ವರ್ಷ ನಡೆದ ತುಮಕೂರು ದಸರಾ ಮುಗಿದು ತಿಂಗಳಾದರೂ ಭಾಗವಹಿಸಿದ ಕಲಾವಿದರು ಹಾಗೂ ಕಲಾತಂಡಗಳಿಗೆ ಗೌರವ ಸಂಭಾವನೆ ನೀಡಿಲ್ಲ.

1500ಕ್ಕೂ ಹೆಚ್ಚು ಕಲಾವಿದರು ದಸರಾ ಮೆರವಣಿಗೆಯಲ್ಲಿ ಭಾಗಿಯಾಗಿದ್ದು, ಸಂಭಾವನೆಗಾಗಿ ಕನ್ನಡ ಮತ್ತು ಸಂಸ್ಕೃತಿ ಇಲಾಖೆಯ ಕಚೇರಿ ಅಲೆಯುವಂತಾಗಿದೆ.

ಬುಧವಾರ ಜಿಲ್ಲಾಧಿಕಾರಿಗಳಿಗೆ ಮನವಿ ಸಲ್ಲಿಸಿದ ಕಲಾವಿದರ ಸಂಘಟನೆಗಳ ಪದಾಧಿಕಾರಿಗಳು

ಬುಧವಾರ ಜಿಲ್ಲಾಧಿಕಾರಿಗಳ ಕಚೇರಿಗೆ ತೆರಳಿದ ಕಲಾವಿದರ ನಿಯೋಗ, ಬಾಕಿ ಸಂಭಾವನೆ ಕೂಡಲೇ ಬಿಡುಗಡೆ ಮಾಡುವಂತೆ ಒತ್ತಾಯಿಸಿತು.

ಜಿಲ್ಲಾಧಿಕಾರಿಗಳು ಸಂಸ್ಕೃತಿ ಇಲಾಖೆ ಅಧಿಕಾರಿಗಳೊಂದಿಗೆ ಚರ್ಚಿಸಿ ಶೀಘ್ರ ಕ್ರಮದ ಭರವಸೆ ನೀಡಿದರು ಎಂದು ನಿಯೋಗ ತಿಳಿಸಿದೆ.

ಗುರುತು ಮಾಡಿದ ಕಲಾತಂಡಗಳ ಪಟ್ಟಿ ಸಹಾಯಕ ನಿರ್ದೇಶಕರ ಕಚೇರಿಯಲ್ಲಿ ಇದ್ದರೂ ಹಣ ಮಾತ್ರ ಬಿಡುಗಡೆಯಾಗಿಲ್ಲ; ಕಲಾವಿದರು ಕಚೇರಿಗೆ ಅಲೆಯುವಂತಾಗಿದೆ.

ಸಾಂಸ್ಕೃತಿಕ ಸಂಘಗಳ ಒಕ್ಕೂಟದ ಅಧ್ಯಕ್ಷರು ಬುಧವಾರ ಜಿಲ್ಲಾಧಿಕಾರಿ ಅವರನ್ನು ಭೇಟಿ ಮಾಡಿ ಮನವಿ ಸಲ್ಲಿಸಿದರು; ಈ ಸಂಬಂಧ ವಿವರವಾದ ಪಟ್ಟಿ ನೀಡಿದರು.

ಒಂದು ವಾರದೊಳಗೆ ಹಣ ಬಿಡುಗಡೆ ಮಾಡದಿದ್ದರೆ ಇಲಾಖೆ ಕಚೇರಿ ಎದುರು ಅನಿರ್ದಿಷ್ಟಾವಧಿ ಧರಣಿ ನಡೆಸುವುದಾಗಿ ಕಲಾವಿದರು ಎಚ್ಚರಿಕೆ ನೀಡಿದ್ದಾರೆ.
